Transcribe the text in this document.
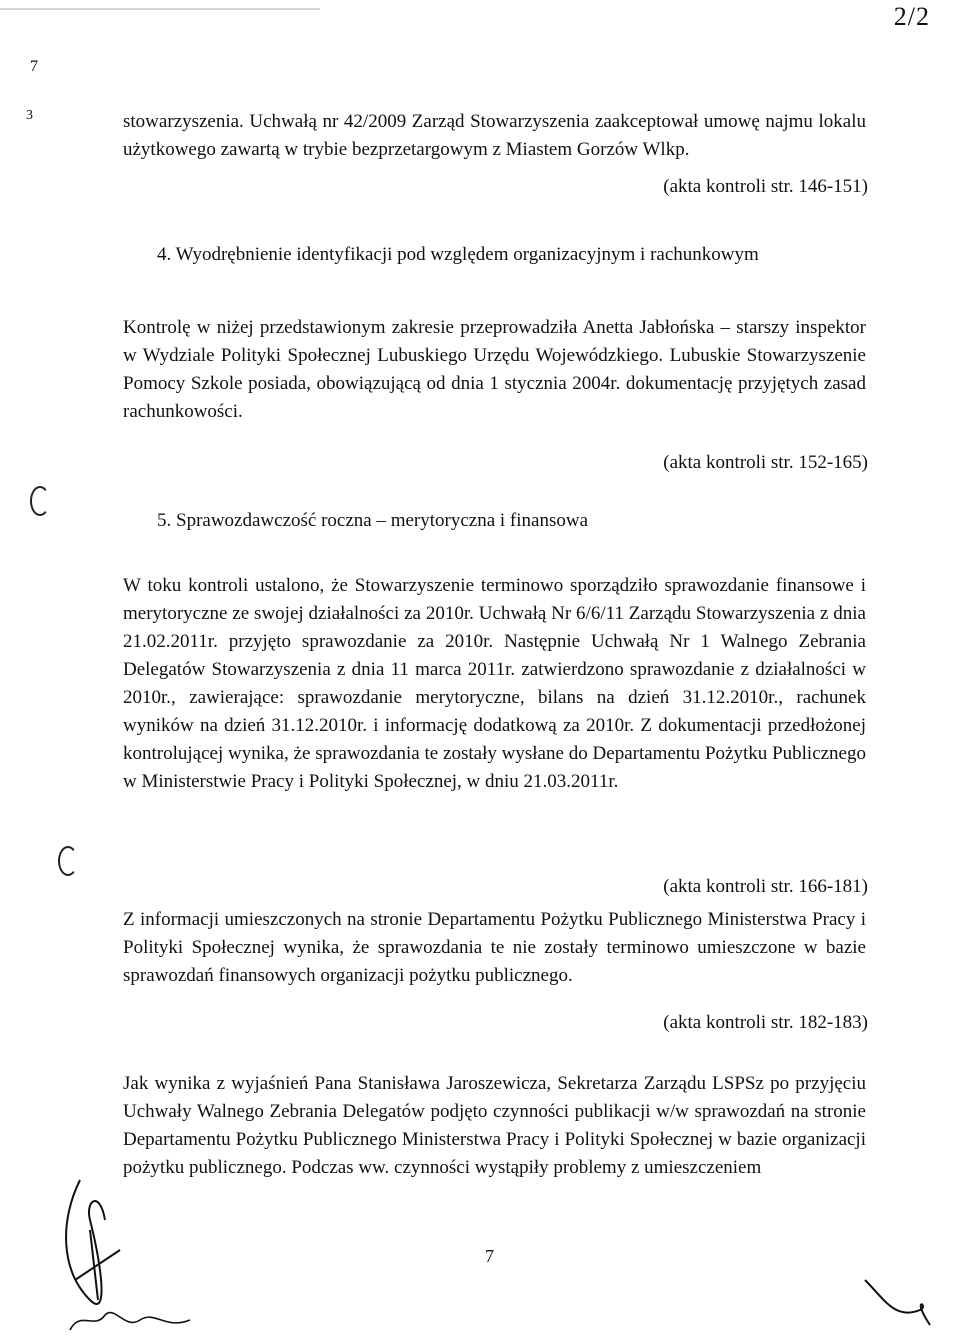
2/2
7
3	stowarzyszenia. Uchwałą nr 42/2009 Zarząd Stowarzyszenia zaakceptował umowę najmu lokalu użytkowego zawartą w trybie bezprzetargowym z Miastem Gorzów Wlkp.

(akta kontroli str. 146-151)
4. Wyodrębnienie identyfikacji pod względem organizacyjnym i rachunkowym

Kontrolę w niżej przedstawionym zakresie przeprowadziła Anetta Jabłońska – starszy inspektor w Wydziale Polityki Społecznej Lubuskiego Urzędu Wojewódzkiego. Lubuskie Stowarzyszenie Pomocy Szkole posiada, obowiązującą od dnia 1 stycznia 2004r. dokumentację przyjętych zasad rachunkowości.

(akta kontroli str. 152-165)
5. Sprawozdawczość roczna – merytoryczna i finansowa

W toku kontroli ustalono, że Stowarzyszenie terminowo sporządziło sprawozdanie finansowe i merytoryczne ze swojej działalności za 2010r. Uchwałą Nr 6/6/11 Zarządu Stowarzyszenia z dnia 21.02.2011r. przyjęto sprawozdanie za 2010r. Następnie Uchwałą Nr 1 Walnego Zebrania Delegatów Stowarzyszenia z dnia 11 marca 2011r. zatwierdzono sprawozdanie z działalności w 2010r., zawierające: sprawozdanie merytoryczne, bilans na dzień 31.12.2010r., rachunek wyników na dzień 31.12.2010r. i informację dodatkową za 2010r. Z dokumentacji przedłożonej kontrolującej wynika, że sprawozdania te zostały wysłane do Departamentu Pożytku Publicznego w Ministerstwie Pracy i Polityki Społecznej, w dniu 21.03.2011r.

(akta kontroli str. 166-181)

Z informacji umieszczonych na stronie Departamentu Pożytku Publicznego Ministerstwa Pracy i Polityki Społecznej wynika, że sprawozdania te nie zostały terminowo umieszczone w bazie sprawozdań finansowych organizacji pożytku publicznego.

(akta kontroli str. 182-183)

Jak wynika z wyjaśnień Pana Stanisława Jaroszewicza, Sekretarza Zarządu LSPSz po przyjęciu Uchwały Walnego Zebrania Delegatów podjęto czynności publikacji w/w sprawozdań na stronie Departamentu Pożytku Publicznego Ministerstwa Pracy i Polityki Społecznej w bazie organizacji pożytku publicznego. Podczas ww. czynności wystąpiły problemy z umieszczeniem

7
